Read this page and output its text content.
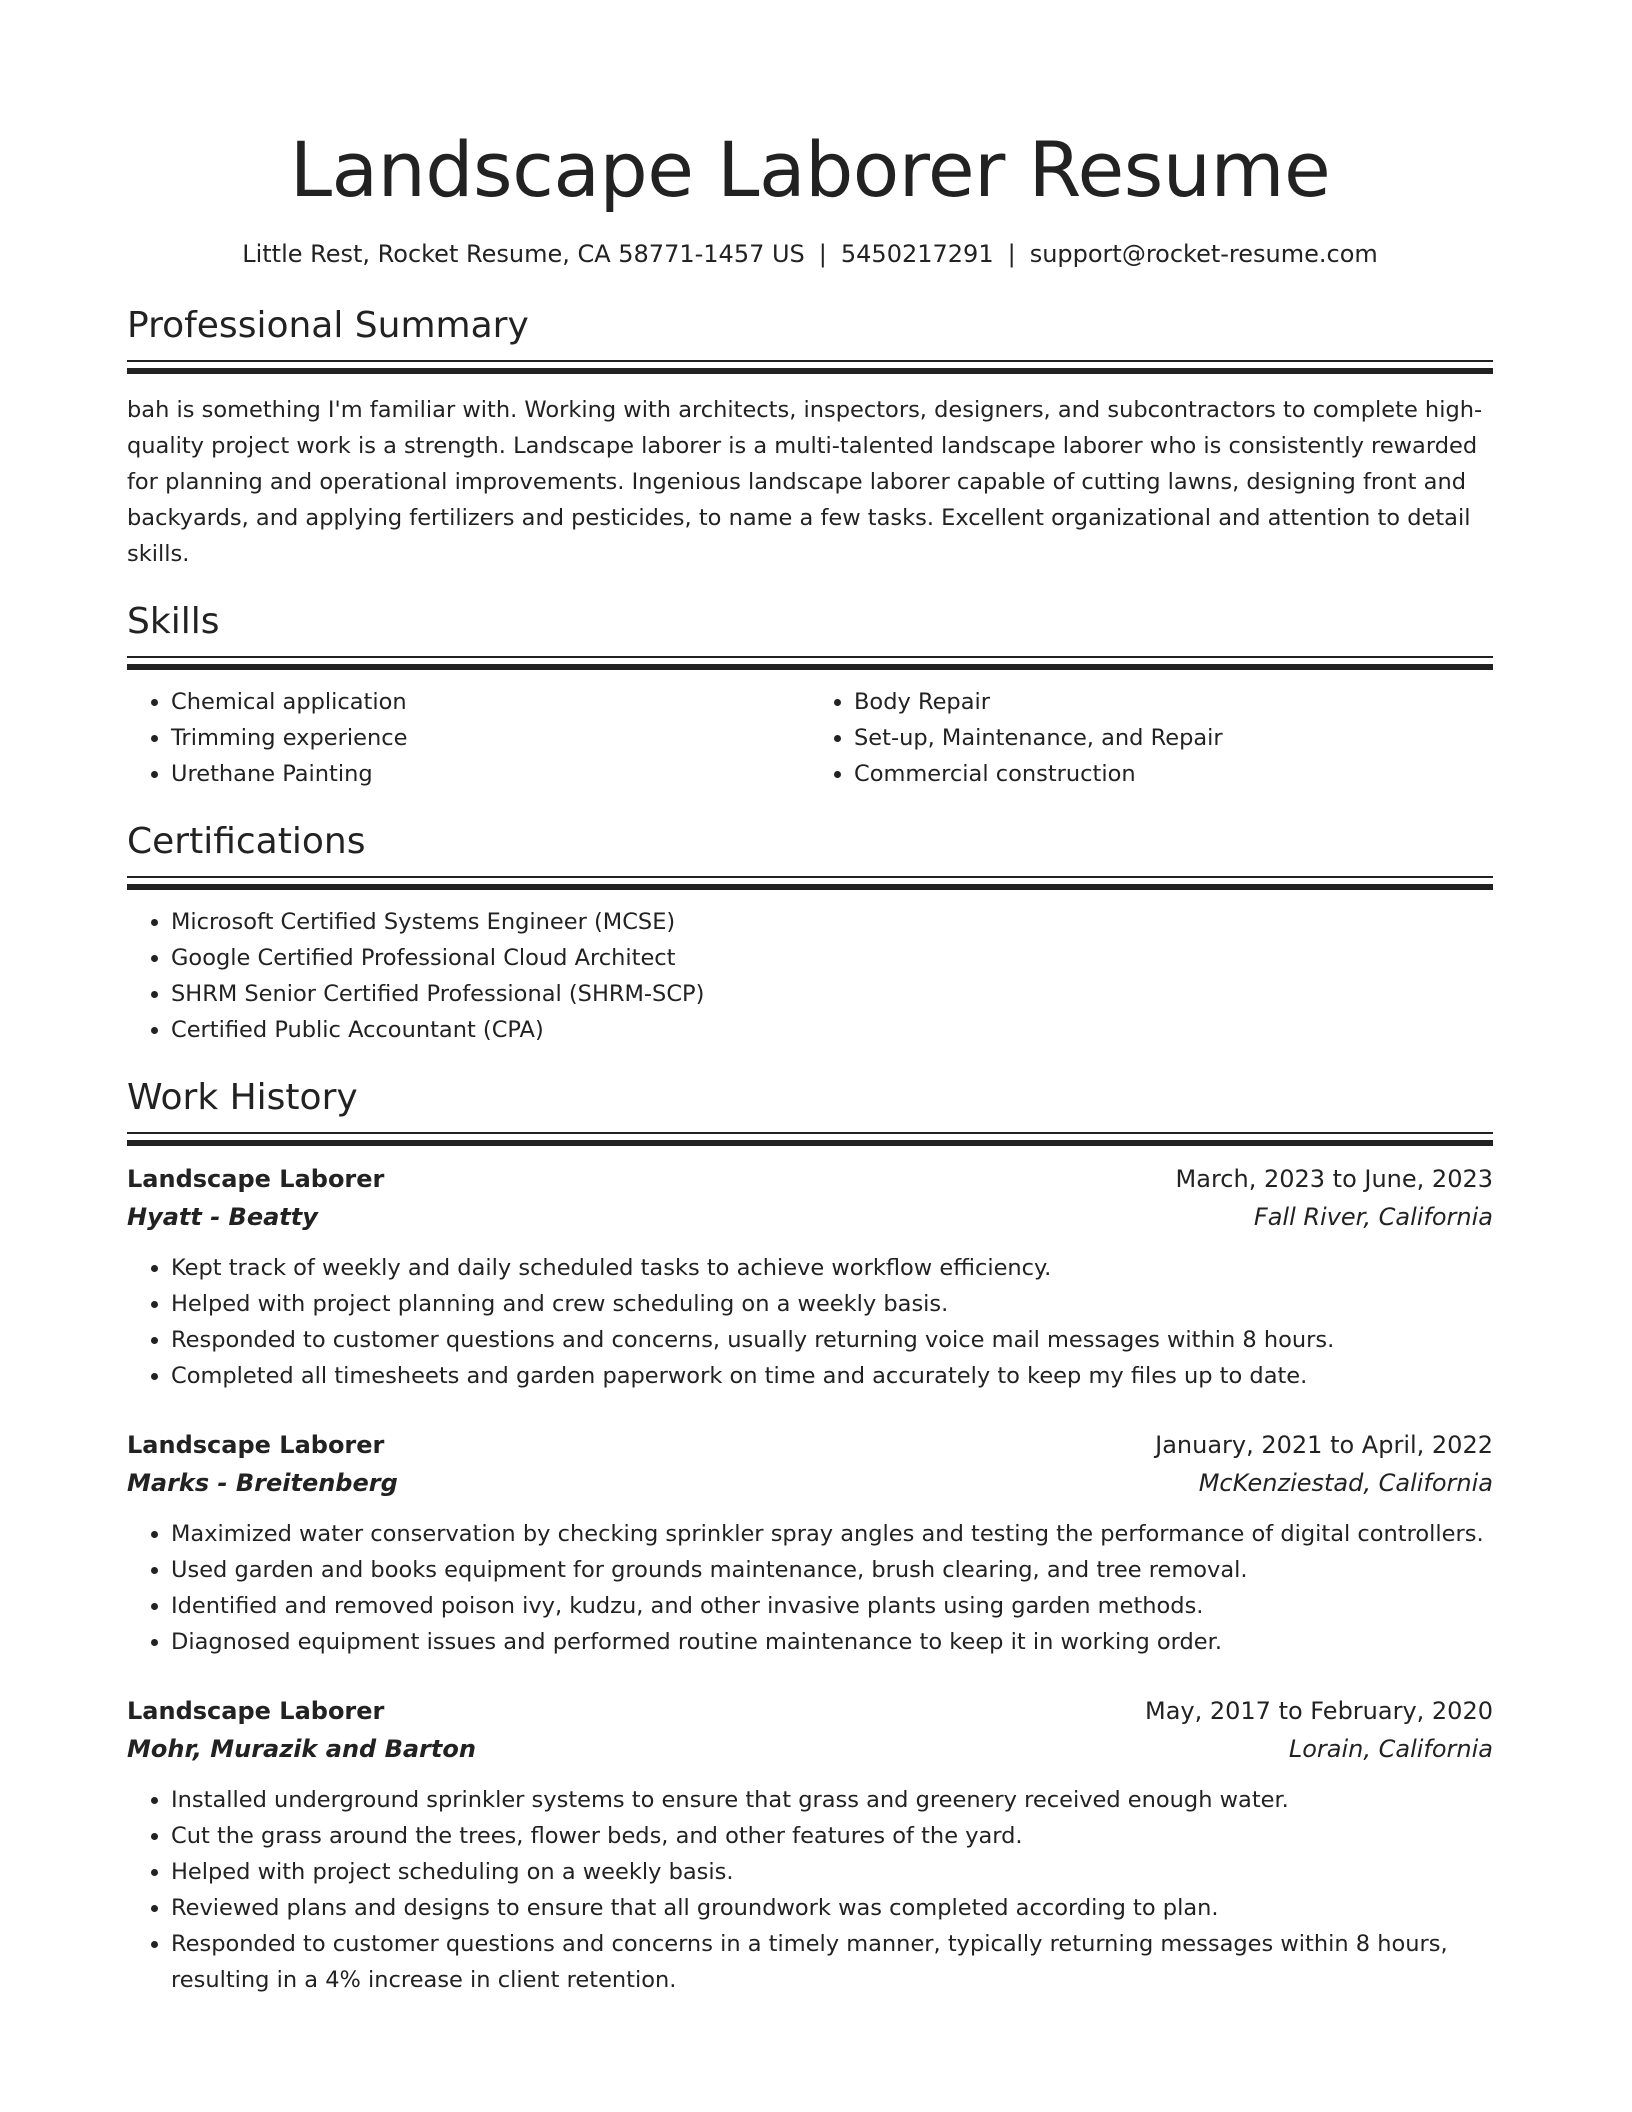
Landscape Laborer Resume
Little Rest, Rocket Resume, CA 58771-1457 US | 5450217291 | support@rocket-resume.com
Professional Summary

bah is something I'm familiar with. Working with architects, inspectors, designers, and subcontractors to complete high-quality project work is a strength. Landscape laborer is a multi-talented landscape laborer who is consistently rewarded for planning and operational improvements. Ingenious landscape laborer capable of cutting lawns, designing front and backyards, and applying fertilizers and pesticides, to name a few tasks. Excellent organizational and attention to detail skills.

Skills
• Chemical application
• Trimming experience
• Urethane Painting
• Body Repair
• Set-up, Maintenance, and Repair
• Commercial construction
Certifications
• Microsoft Certified Systems Engineer (MCSE)
• Google Certified Professional Cloud Architect
• SHRM Senior Certified Professional (SHRM-SCP)
• Certified Public Accountant (CPA)
Work History
Landscape Laborer	March, 2023 to June, 2023
Hyatt - Beatty	Fall River, California
• Kept track of weekly and daily scheduled tasks to achieve workflow efficiency.
• Helped with project planning and crew scheduling on a weekly basis.
• Responded to customer questions and concerns, usually returning voice mail messages within 8 hours.
• Completed all timesheets and garden paperwork on time and accurately to keep my files up to date.
Landscape Laborer	January, 2021 to April, 2022
Marks - Breitenberg	McKenziestad, California
• Maximized water conservation by checking sprinkler spray angles and testing the performance of digital controllers.
• Used garden and books equipment for grounds maintenance, brush clearing, and tree removal.
• Identified and removed poison ivy, kudzu, and other invasive plants using garden methods.
• Diagnosed equipment issues and performed routine maintenance to keep it in working order.
Landscape Laborer	May, 2017 to February, 2020
Mohr, Murazik and Barton	Lorain, California
• Installed underground sprinkler systems to ensure that grass and greenery received enough water.
• Cut the grass around the trees, flower beds, and other features of the yard.
• Helped with project scheduling on a weekly basis.
• Reviewed plans and designs to ensure that all groundwork was completed according to plan.
• Responded to customer questions and concerns in a timely manner, typically returning messages within 8 hours, resulting in a 4% increase in client retention.
